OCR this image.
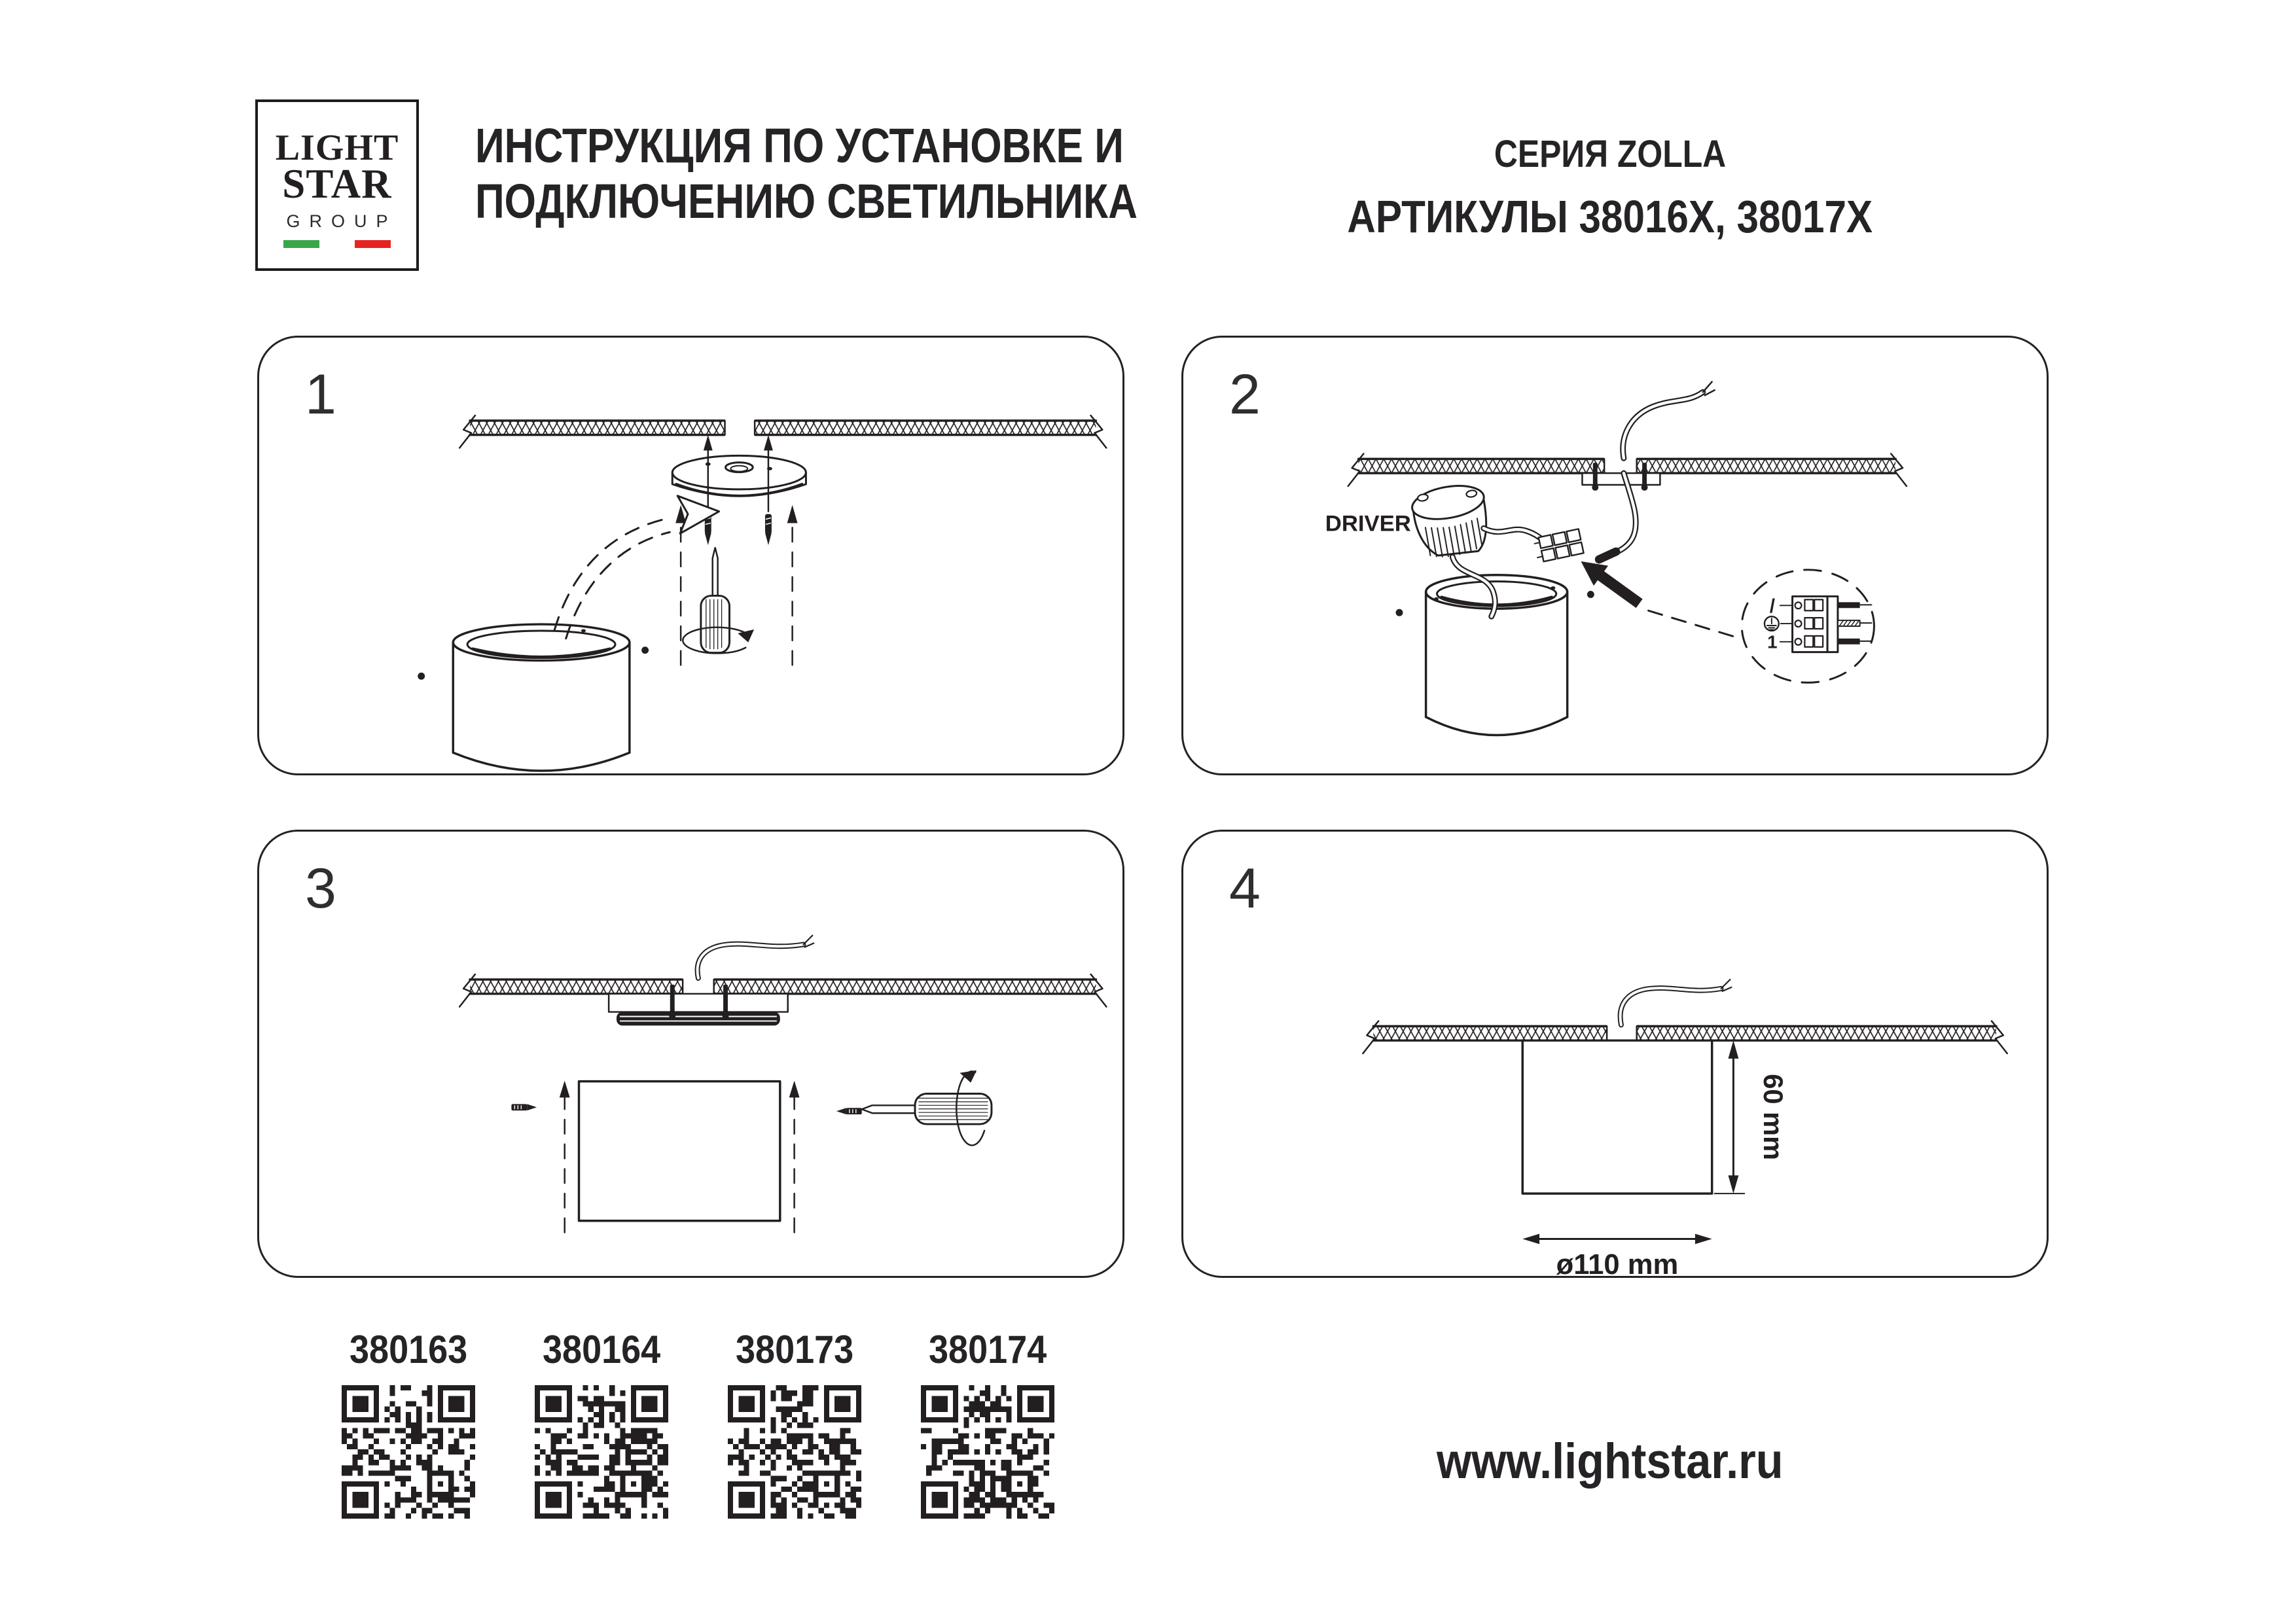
LIGHT
STAR
GROUP
ИНСТРУКЦИЯ ПО УСТАНОВКЕ И
ПОДКЛЮЧЕНИЮ СВЕТИЛЬНИКА
СЕРИЯ ZOLLA
АРТИКУЛЫ 38016X, 38017X
1	2
DRIVER
/
1
3	4
60 mm
ø110 mm
380163 380164 380173 380174
www.lightstar.ru
